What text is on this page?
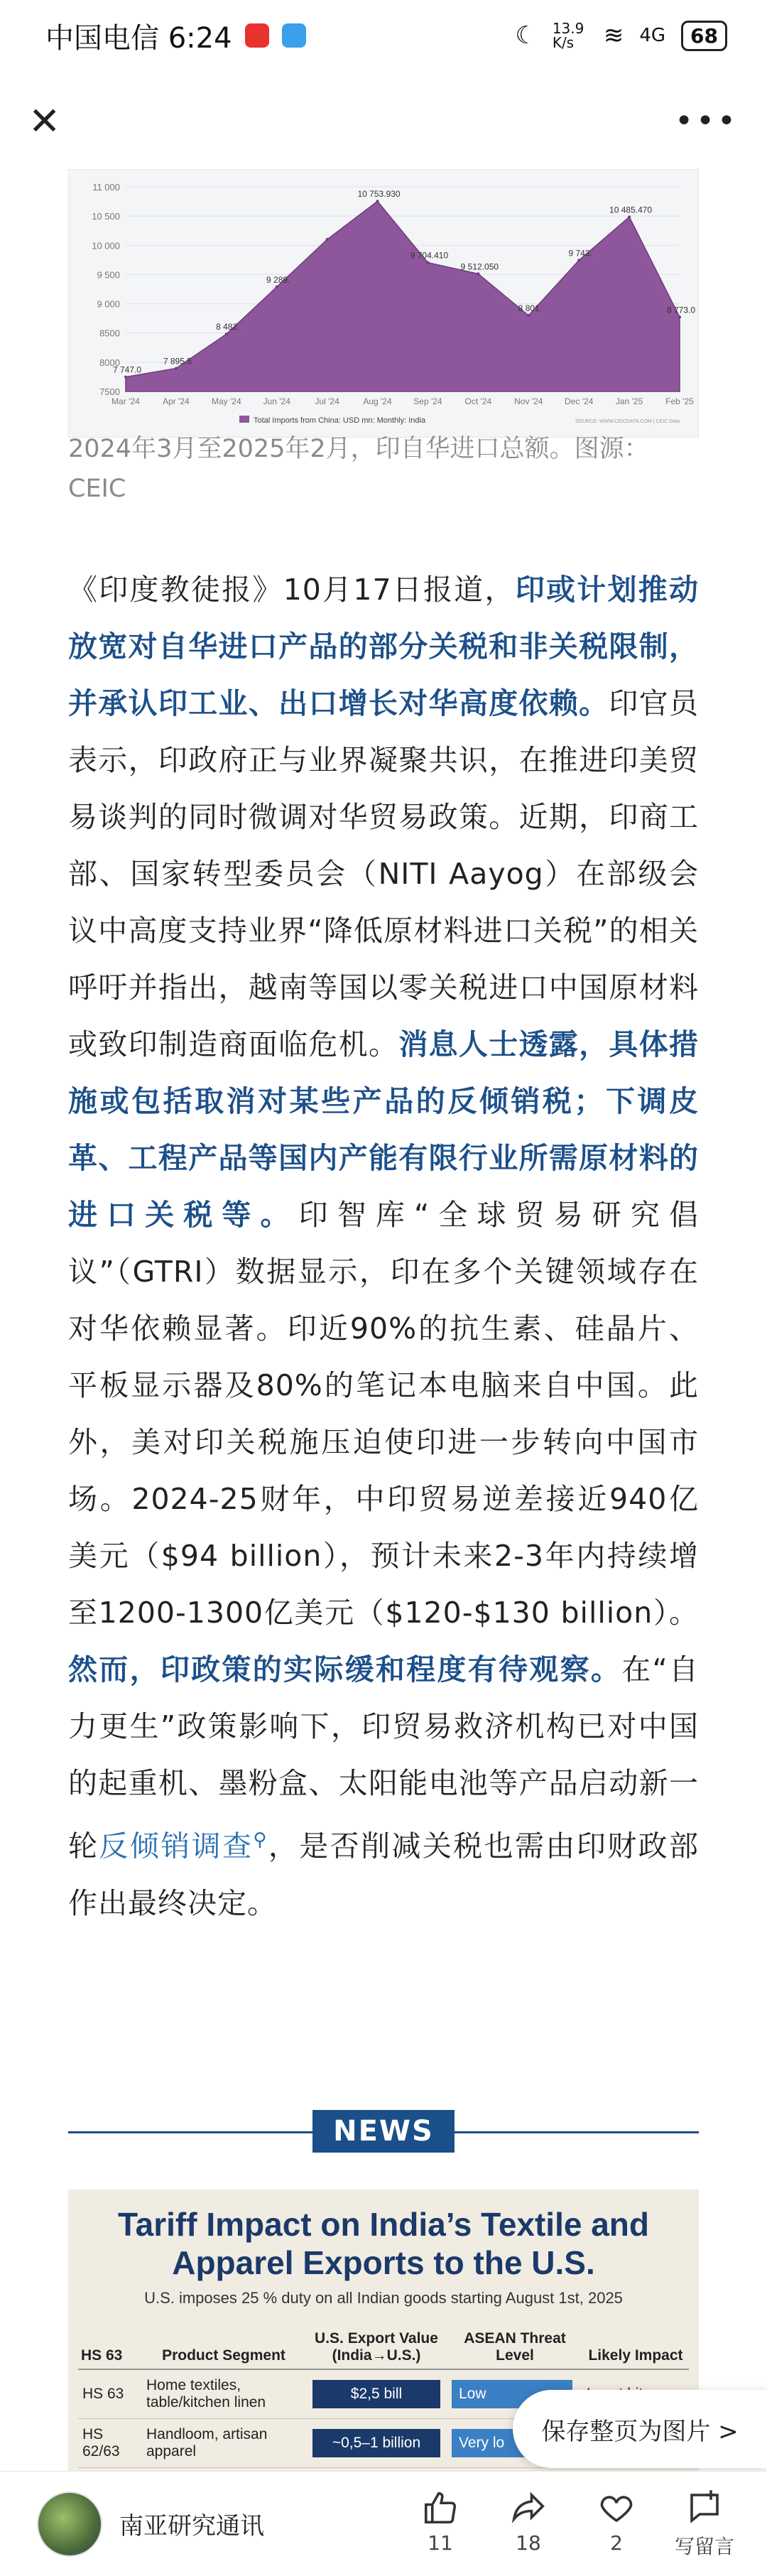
中国电信 6:24	☾ 13.9 K/s	≋ 4G	68
✕	•••
7500
8000
8500
9 000
9 500
10 000
10 500
11 000
7 747.0
7 895.5
8 482.
9 289.
10 753.930
9 704.410
9 512.050
8 801.
9 743.
10 485.470
8 773.0
Mar '24	Apr '24	May '24	Jun '24	Jul '24	Aug '24	Sep '24	Oct '24	Nov '24	Dec '24	Jan '25	Feb '25
Total Imports from China: USD mn: Monthly: India	SOURCE: WWW.CEICDATA.COM | CEIC Data
2024年3月至2025年2月，印自华进口总额。图源：CEIC
《印度教徒报》10月17日报道，印或计划推动放宽对自华进口产品的部分关税和非关税限制，并承认印工业、出口增长对华高度依赖。印官员表示，印政府正与业界凝聚共识，在推进印美贸易谈判的同时微调对华贸易政策。近期，印商工部、国家转型委员会（NITI Aayog）在部级会议中高度支持业界“降低原材料进口关税”的相关呼吁并指出，越南等国以零关税进口中国原材料或致印制造商面临危机。消息人士透露，具体措施或包括取消对某些产品的反倾销税；下调皮革、工程产品等国内产能有限行业所需原材料的进口关税等。印智库“全球贸易研究倡议”（GTRI）数据显示，印在多个关键领域存在对华依赖显著。印近90%的抗生素、硅晶片、平板显示器及80%的笔记本电脑来自中国。此外，美对印关税施压迫使印进一步转向中国市场。2024-25财年，中印贸易逆差接近940亿美元（$94 billion），预计未来2-3年内持续增至1200-1300亿美元（$120-$130 billion）。然而，印政策的实际缓和程度有待观察。在“自力更生”政策影响下，印贸易救济机构已对中国的起重机、墨粉盒、太阳能电池等产品启动新一轮反倾销调查⚲，是否削减关税也需由印财政部作出最终决定。
NEWS
Tariff Impact on India’s Textile and Apparel Exports to the U.S.
U.S. imposes 25 % duty on all Indian goods starting August 1st, 2025
HS 63	Product Segment	U.S. Export Value (India→U.S.)	ASEAN Threat Level	Likely Impact
HS 63	Home textiles, table/kitchen linen	$2,5 bill	Low	
HS 62/63	Handloom, artisan apparel	~0,5–1 billion	Very lo		保存整页为图片 >
南亚研究通讯
11	18	2	写留言
